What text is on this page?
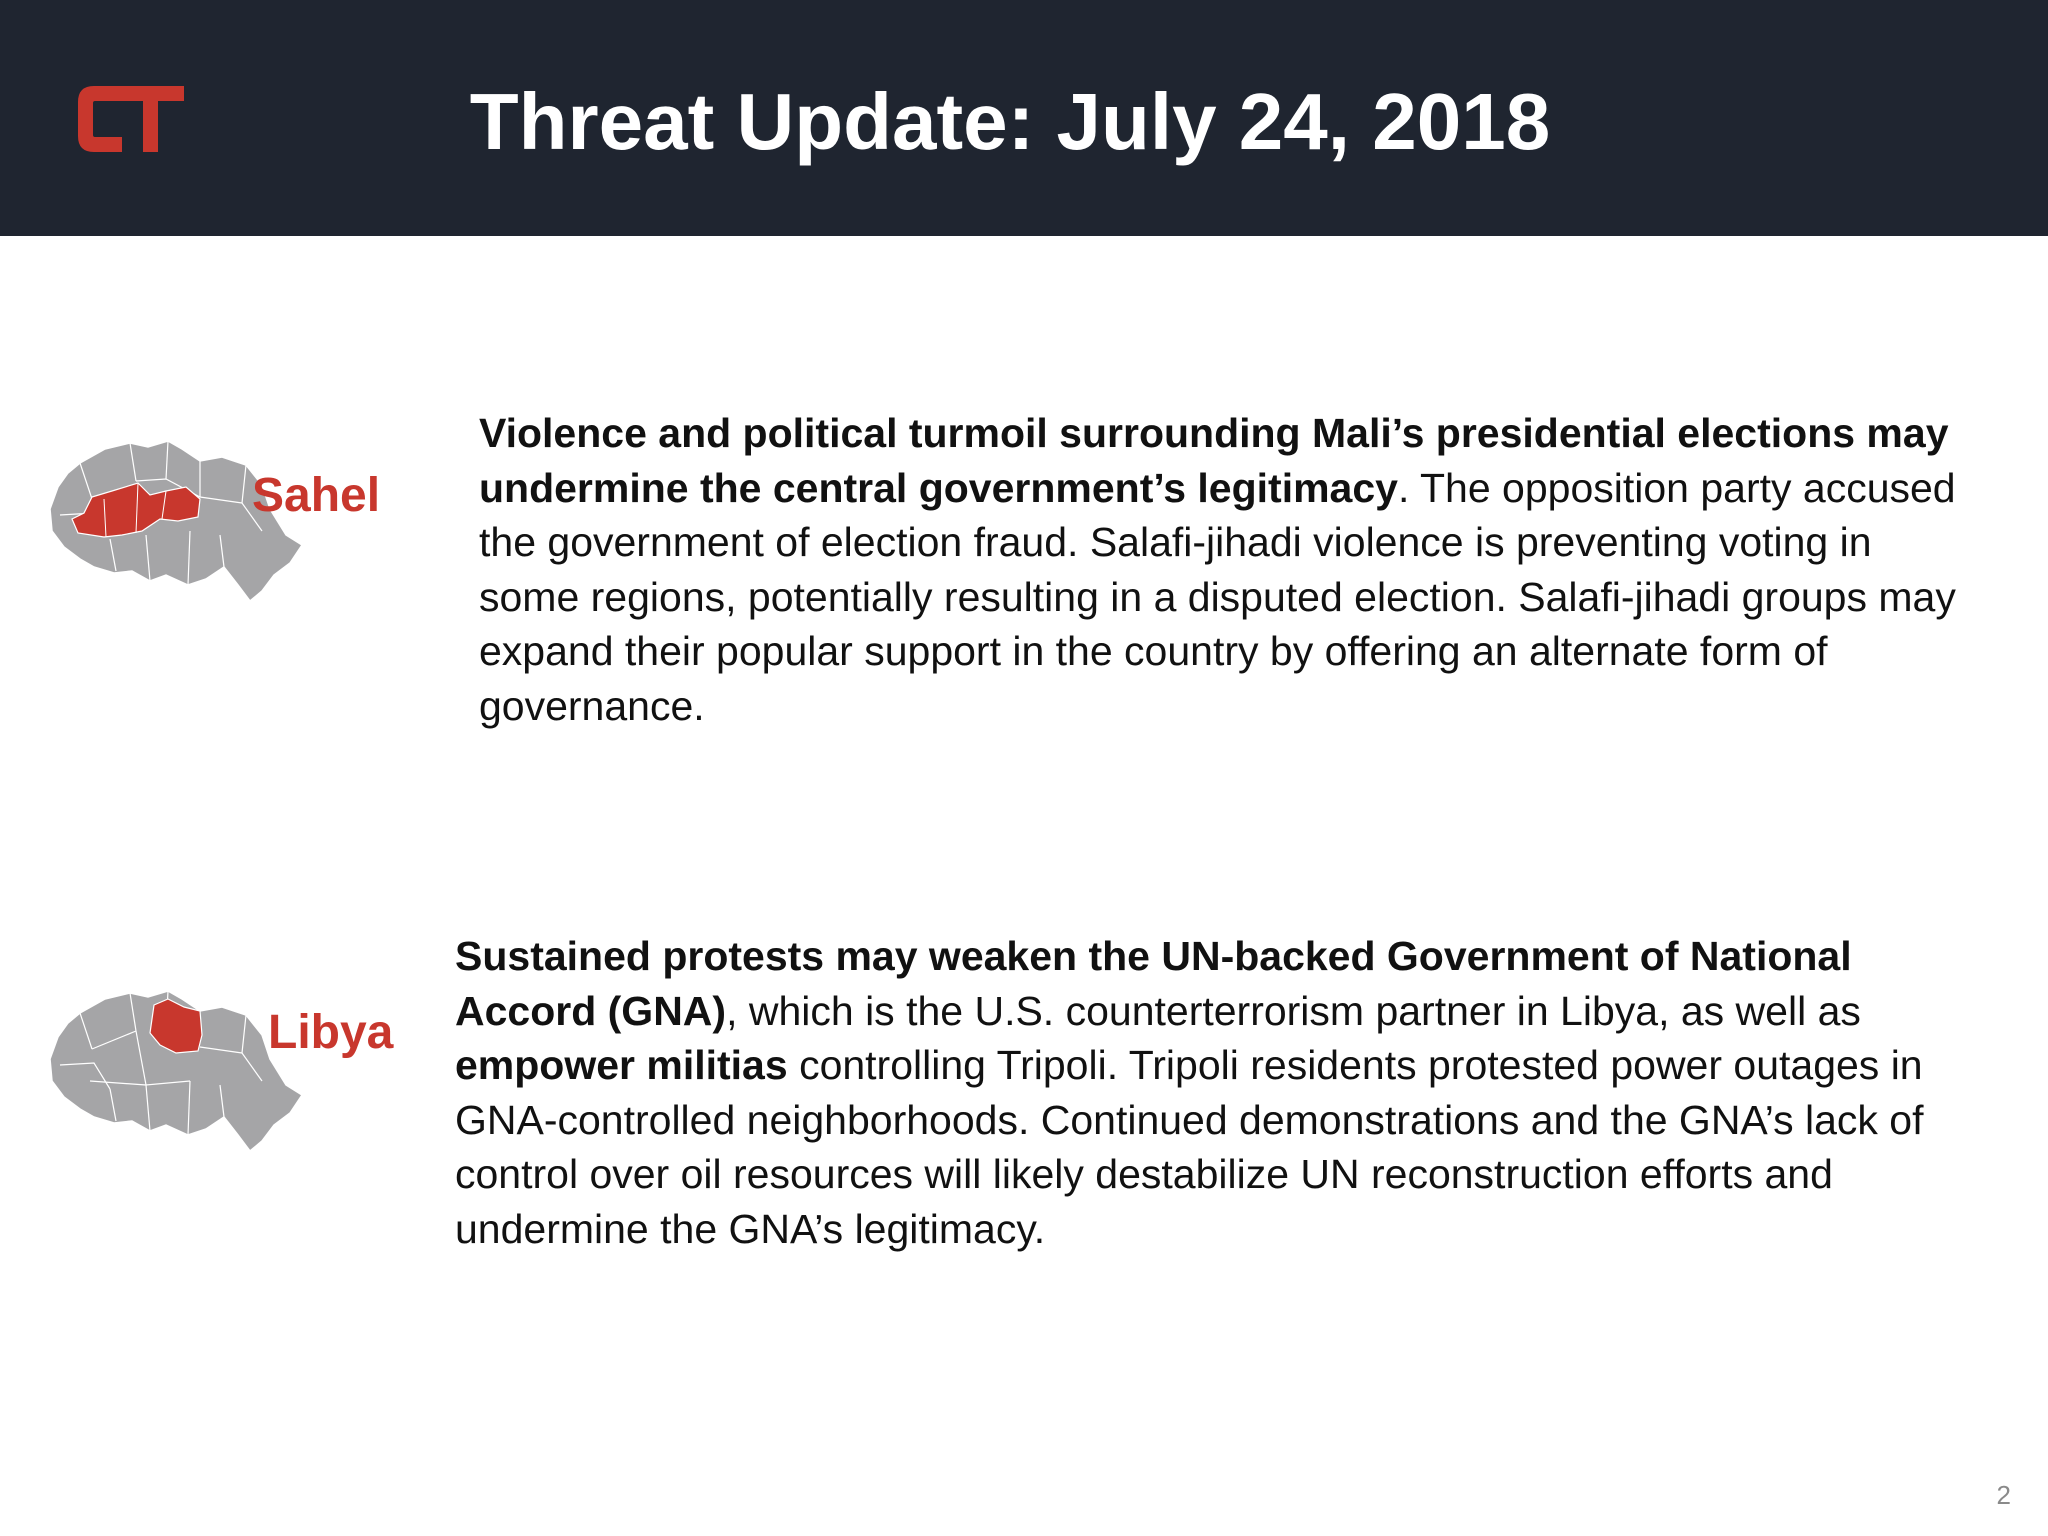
Threat Update: July 24, 2018
Sahel
Violence and political turmoil surrounding Mali’s presidential elections may undermine the central government’s legitimacy. The opposition party accused the government of election fraud. Salafi-jihadi violence is preventing voting in some regions, potentially resulting in a disputed election. Salafi-jihadi groups may expand their popular support in the country by offering an alternate form of governance.
Libya
Sustained protests may weaken the UN-backed Government of National Accord (GNA), which is the U.S. counterterrorism partner in Libya, as well as empower militias controlling Tripoli. Tripoli residents protested power outages in GNA-controlled neighborhoods. Continued demonstrations and the GNA’s lack of control over oil resources will likely destabilize UN reconstruction efforts and undermine the GNA’s legitimacy.
2
